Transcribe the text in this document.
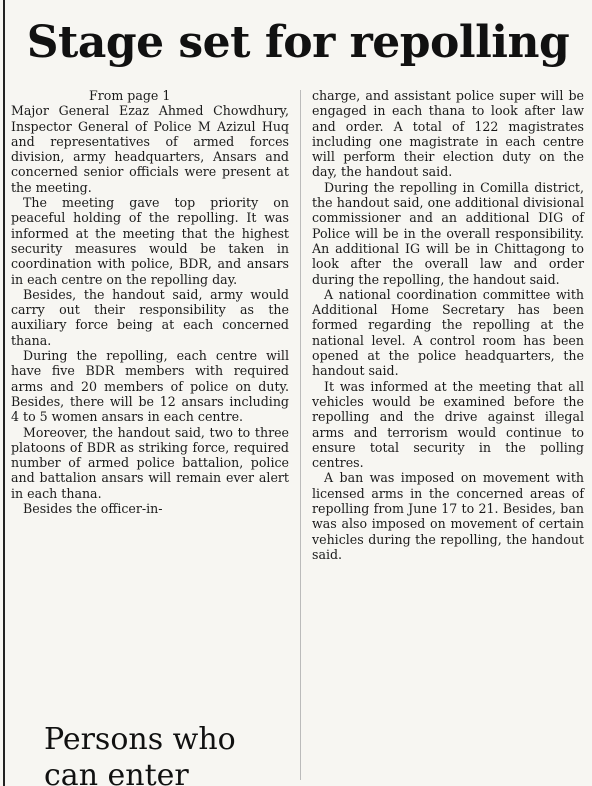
Stage set for repolling

From page 1

Major General Ezaz Ahmed Chowdhury, Inspector General of Police M Azizul Huq and representatives of armed forces division, army headquarters, Ansars and concerned senior officials were present at the meeting.

The meeting gave top priority on peaceful holding of the repolling. It was informed at the meeting that the highest security measures would be taken in coordination with police, BDR, and ansars in each centre on the repolling day.

Besides, the handout said, army would carry out their responsibility as the auxiliary force being at each concerned thana.

During the repolling, each centre will have five BDR members with required arms and 20 members of police on duty. Besides, there will be 12 ansars including 4 to 5 women ansars in each centre.

Moreover, the handout said, two to three platoons of BDR as striking force, required number of armed police battalion, police and battalion ansars will remain ever alert in each thana.

Besides the officer-in-

charge, and assistant police super will be engaged in each thana to look after law and order. A total of 122 magistrates including one magistrate in each centre will perform their election duty on the day, the handout said.

During the repolling in Comilla district, the handout said, one additional divisional commissioner and an additional DIG of Police will be in the overall responsibility. An additional IG will be in Chittagong to look after the overall law and order during the repolling, the handout said.

A national coordination committee with Additional Home Secretary has been formed regarding the repolling at the national level. A control room has been opened at the police headquarters, the handout said.

It was informed at the meeting that all vehicles would be examined before the repolling and the drive against illegal arms and terrorism would continue to ensure total security in the polling centres.

A ban was imposed on movement with licensed arms in the concerned areas of repolling from June 17 to 21. Besides, ban was also imposed on movement of certain vehicles during the repolling, the handout said.

Persons who can enter
